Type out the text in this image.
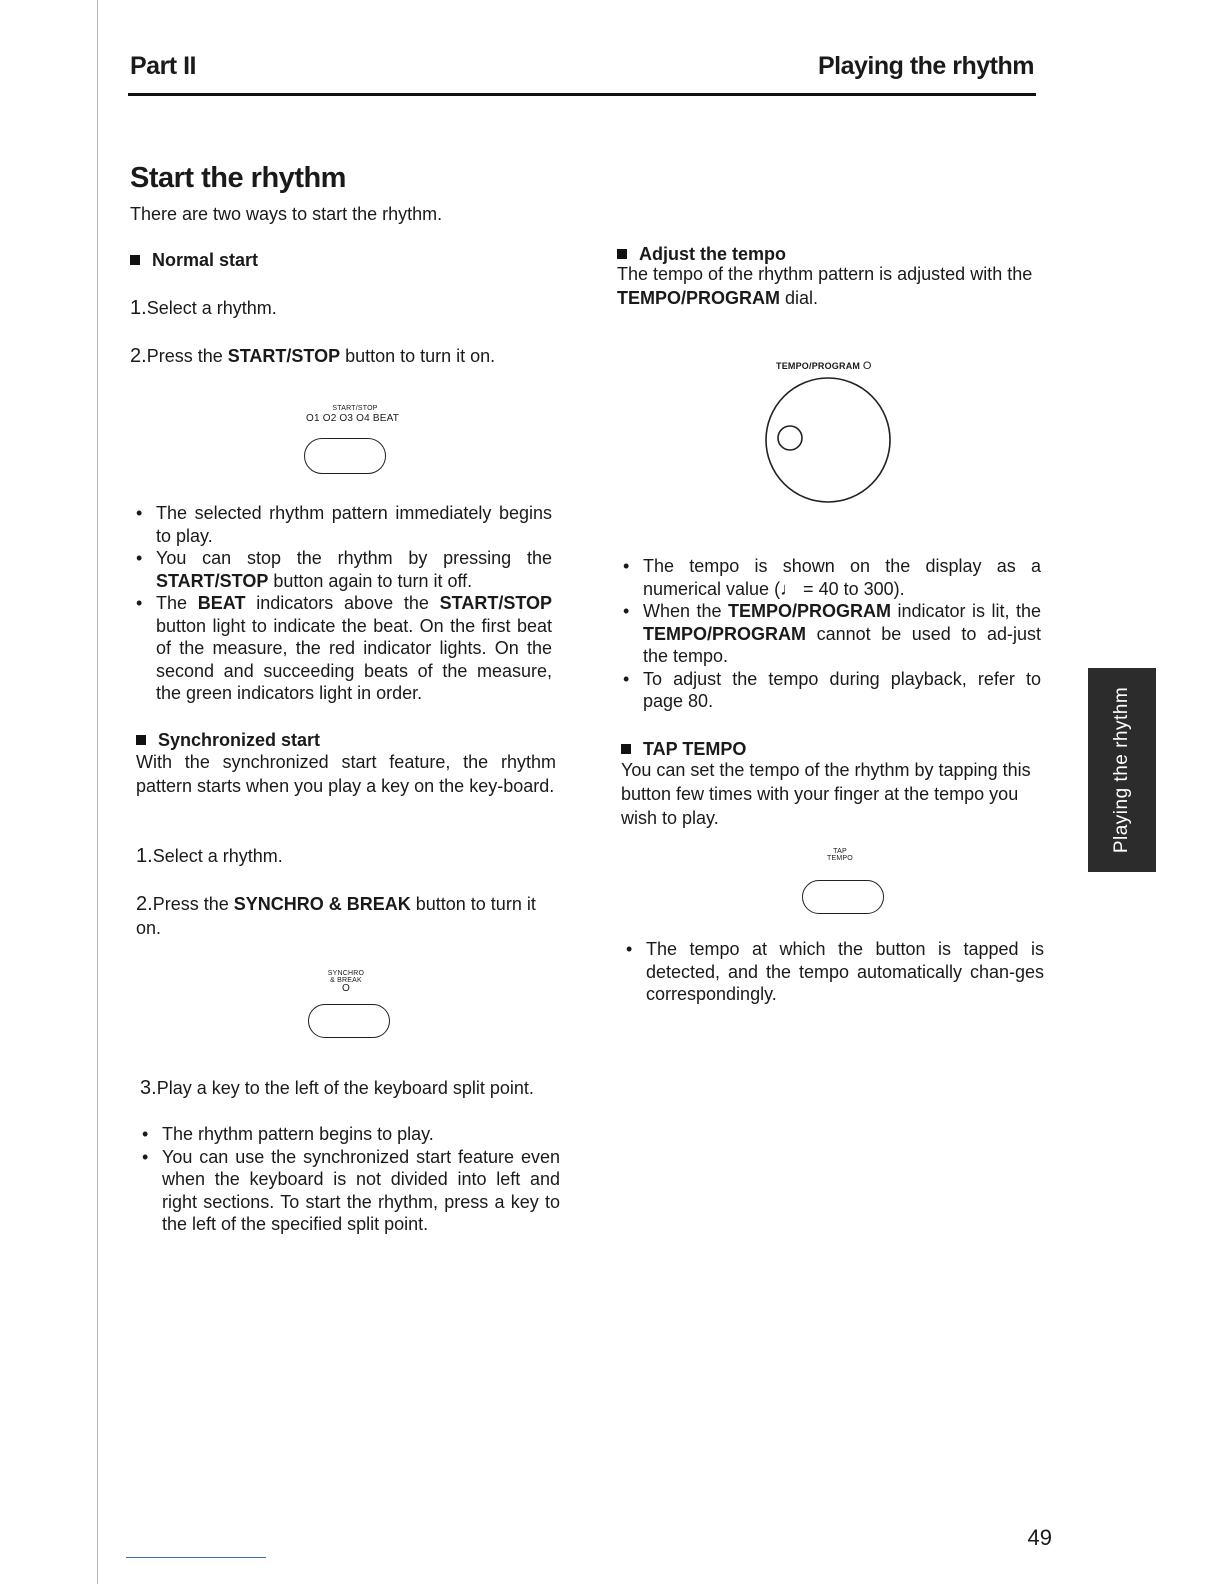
Part II	Playing the rhythm
Start the rhythm
There are two ways to start the rhythm.
Normal start
1.Select a rhythm.
2.Press the START/STOP button to turn it on.
START/STOP
O1 O2 O3 O4 BEAT
• The selected rhythm pattern immediately begins to play.
• You can stop the rhythm by pressing the START/STOP button again to turn it off.
• The BEAT indicators above the START/STOP button light to indicate the beat. On the first beat of the measure, the red indicator lights. On the second and succeeding beats of the measure, the green indicators light in order.
Synchronized start
With the synchronized start feature, the rhythm pattern starts when you play a key on the key-board.
1.Select a rhythm.
2.Press the SYNCHRO & BREAK button to turn it on.
SYNCHRO
& BREAK
O
3.Play a key to the left of the keyboard split point.
• The rhythm pattern begins to play.
• You can use the synchronized start feature even when the keyboard is not divided into left and right sections. To start the rhythm, press a key to the left of the specified split point.
Adjust the tempo
The tempo of the rhythm pattern is adjusted with the TEMPO/PROGRAM dial.
TEMPO/PROGRAM O
• The tempo is shown on the display as a numerical value (♩ = 40 to 300).
• When the TEMPO/PROGRAM indicator is lit, the TEMPO/PROGRAM cannot be used to ad-just the tempo.
• To adjust the tempo during playback, refer to page 80.
TAP TEMPO
You can set the tempo of the rhythm by tapping this button few times with your finger at the tempo you wish to play.
TAP
TEMPO
• The tempo at which the button is tapped is detected, and the tempo automatically chan-ges correspondingly.
Playing the rhythm
49
